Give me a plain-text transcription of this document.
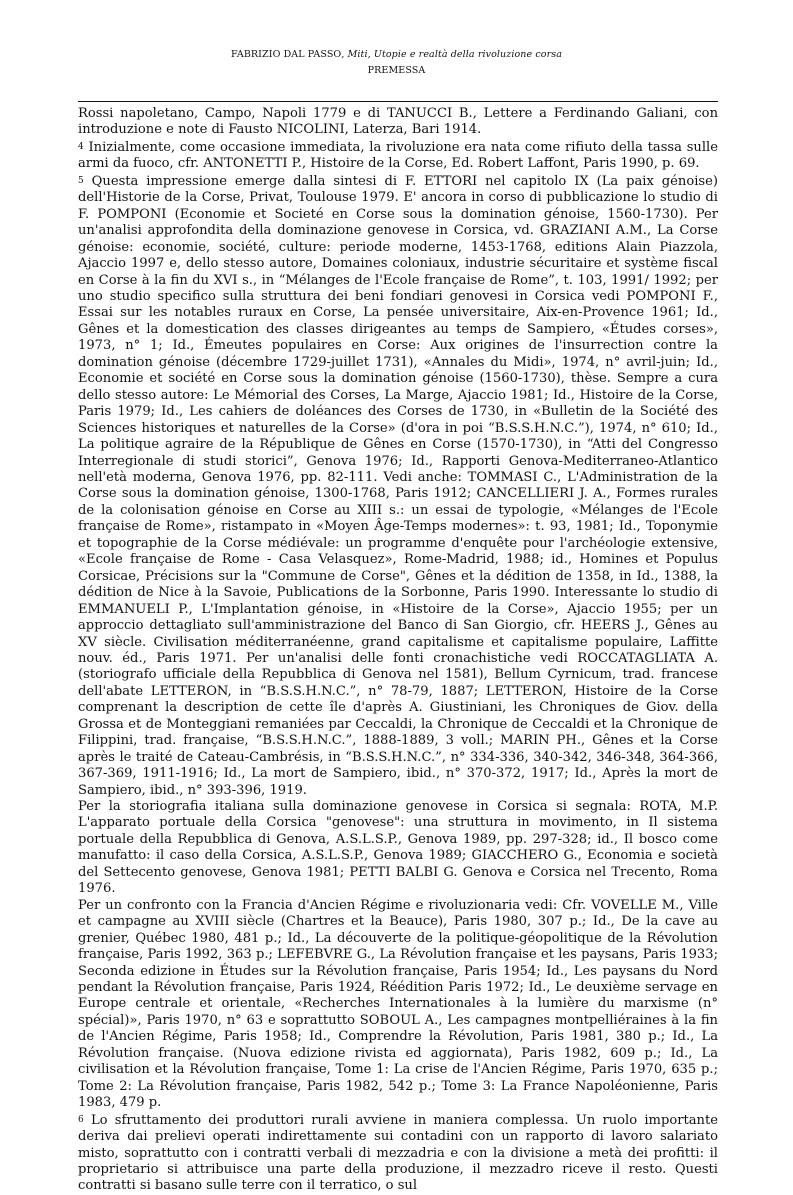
FABRIZIO DAL PASSO, Miti, Utopie e realtà della rivoluzione corsa
PREMESSA

Rossi napoletano, Campo, Napoli 1779 e di TANUCCI B., Lettere a Ferdinando Galiani, con introduzione e note di Fausto NICOLINI, Laterza, Bari 1914.

$^4$ Inizialmente, come occasione immediata, la rivoluzione era nata come rifiuto della tassa sulle armi da fuoco, cfr. ANTONETTI P., Histoire de la Corse, Ed. Robert Laffont, Paris 1990, p. 69.

$^5$ Questa impressione emerge dalla sintesi di F. ETTORI nel capitolo IX (La paix génoise) dell'Historie de la Corse, Privat, Toulouse 1979. E' ancora in corso di pubblicazione lo studio di F. POMPONI (Economie et Societé en Corse sous la domination génoise, 1560-1730). Per un'analisi approfondita della dominazione genovese in Corsica, vd. GRAZIANI A.M., La Corse génoise: economie, société, culture: periode moderne, 1453-1768, editions Alain Piazzola, Ajaccio 1997 e, dello stesso autore, Domaines coloniaux, industrie sécuritaire et système fiscal en Corse à la fin du XVI s., in “Mélanges de l'Ecole française de Rome”, t. 103, 1991/ 1992; per uno studio specifico sulla struttura dei beni fondiari genovesi in Corsica vedi POMPONI F., Essai sur les notables ruraux en Corse, La pensée universitaire, Aix-en-Provence 1961; Id., Gênes et la domestication des classes dirigeantes au temps de Sampiero, «Études corses», 1973, n° 1; Id., Émeutes populaires en Corse: Aux origines de l'insurrection contre la domination génoise (décembre 1729-juillet 1731), «Annales du Midi», 1974, n° avril-juin; Id., Economie et société en Corse sous la domination génoise (1560-1730), thèse. Sempre a cura dello stesso autore: Le Mémorial des Corses, La Marge, Ajaccio 1981; Id., Histoire de la Corse, Paris 1979; Id., Les cahiers de doléances des Corses de 1730, in «Bulletin de la Société des Sciences historiques et naturelles de la Corse» (d'ora in poi “B.S.S.H.N.C.”), 1974, n° 610; Id., La politique agraire de la République de Gênes en Corse (1570-1730), in “Atti del Congresso Interregionale di studi storici”, Genova 1976; Id., Rapporti Genova-Mediterraneo-Atlantico nell'età moderna, Genova 1976, pp. 82-111. Vedi anche: TOMMASI C., L'Administration de la Corse sous la domination génoise, 1300-1768, Paris 1912; CANCELLIERI J. A., Formes rurales de la colonisation génoise en Corse au XIII s.: un essai de typologie, «Mélanges de l'Ecole française de Rome», ristampato in «Moyen Âge-Temps modernes»: t. 93, 1981; Id., Toponymie et topographie de la Corse médiévale: un programme d'enquête pour l'archéologie extensive, «Ecole française de Rome - Casa Velasquez», Rome-Madrid, 1988; id., Homines et Populus Corsicae, Précisions sur la "Commune de Corse", Gênes et la dédition de 1358, in Id., 1388, la dédition de Nice à la Savoie, Publications de la Sorbonne, Paris 1990. Interessante lo studio di EMMANUELI P., L'Implantation génoise, in «Histoire de la Corse», Ajaccio 1955; per un approccio dettagliato sull'amministrazione del Banco di San Giorgio, cfr. HEERS J., Gênes au XV siècle. Civilisation méditerranéenne, grand capitalisme et capitalisme populaire, Laffitte nouv. éd., Paris 1971. Per un'analisi delle fonti cronachistiche vedi ROCCATAGLIATA A. (storiografo ufficiale della Repubblica di Genova nel 1581), Bellum Cyrnicum, trad. francese dell'abate LETTERON, in “B.S.S.H.N.C.”, n° 78-79, 1887; LETTERON, Histoire de la Corse comprenant la description de cette île d'après A. Giustiniani, les Chroniques de Giov. della Grossa et de Monteggiani remaniées par Ceccaldi, la Chronique de Ceccaldi et la Chronique de Filippini, trad. française, “B.S.S.H.N.C.”, 1888-1889, 3 voll.; MARIN PH., Gênes et la Corse après le traité de Cateau-Cambrésis, in “B.S.S.H.N.C.”, n° 334-336, 340-342, 346-348, 364-366, 367-369, 1911-1916; Id., La mort de Sampiero, ibid., n° 370-372, 1917; Id., Après la mort de Sampiero, ibid., n° 393-396, 1919.

Per la storiografia italiana sulla dominazione genovese in Corsica si segnala: ROTA, M.P. L'apparato portuale della Corsica "genovese": una struttura in movimento, in Il sistema portuale della Repubblica di Genova, A.S.L.S.P., Genova 1989, pp. 297-328; id., Il bosco come manufatto: il caso della Corsica, A.S.L.S.P., Genova 1989; GIACCHERO G., Economia e società del Settecento genovese, Genova 1981; PETTI BALBI G. Genova e Corsica nel Trecento, Roma 1976.

Per un confronto con la Francia d'Ancien Régime e rivoluzionaria vedi: Cfr. VOVELLE M., Ville et campagne au XVIII siècle (Chartres et la Beauce), Paris 1980, 307 p.; Id., De la cave au grenier, Québec 1980, 481 p.; Id., La découverte de la politique-géopolitique de la Révolution française, Paris 1992, 363 p.; LEFEBVRE G., La Révolution française et les paysans, Paris 1933; Seconda edizione in Études sur la Révolution française, Paris 1954; Id., Les paysans du Nord pendant la Révolution française, Paris 1924, Réédition Paris 1972; Id., Le deuxième servage en Europe centrale et orientale, «Recherches Internationales à la lumière du marxisme (n° spécial)», Paris 1970, n° 63 e soprattutto SOBOUL A., Les campagnes montpelliéraines à la fin de l'Ancien Régime, Paris 1958; Id., Comprendre la Révolution, Paris 1981, 380 p.; Id., La Révolution française. (Nuova edizione rivista ed aggiornata), Paris 1982, 609 p.; Id., La civilisation et la Révolution française, Tome 1: La crise de l'Ancien Régime, Paris 1970, 635 p.; Tome 2: La Révolution française, Paris 1982, 542 p.; Tome 3: La France Napoléonienne, Paris 1983, 479 p.

$^6$ Lo sfruttamento dei produttori rurali avviene in maniera complessa. Un ruolo importante deriva dai prelievi operati indirettamente sui contadini con un rapporto di lavoro salariato misto, soprattutto con i contratti verbali di mezzadria e con la divisione a metà dei profitti: il proprietario si attribuisce una parte della produzione, il mezzadro riceve il resto. Questi contratti si basano sulle terre con il terratico, o sul
